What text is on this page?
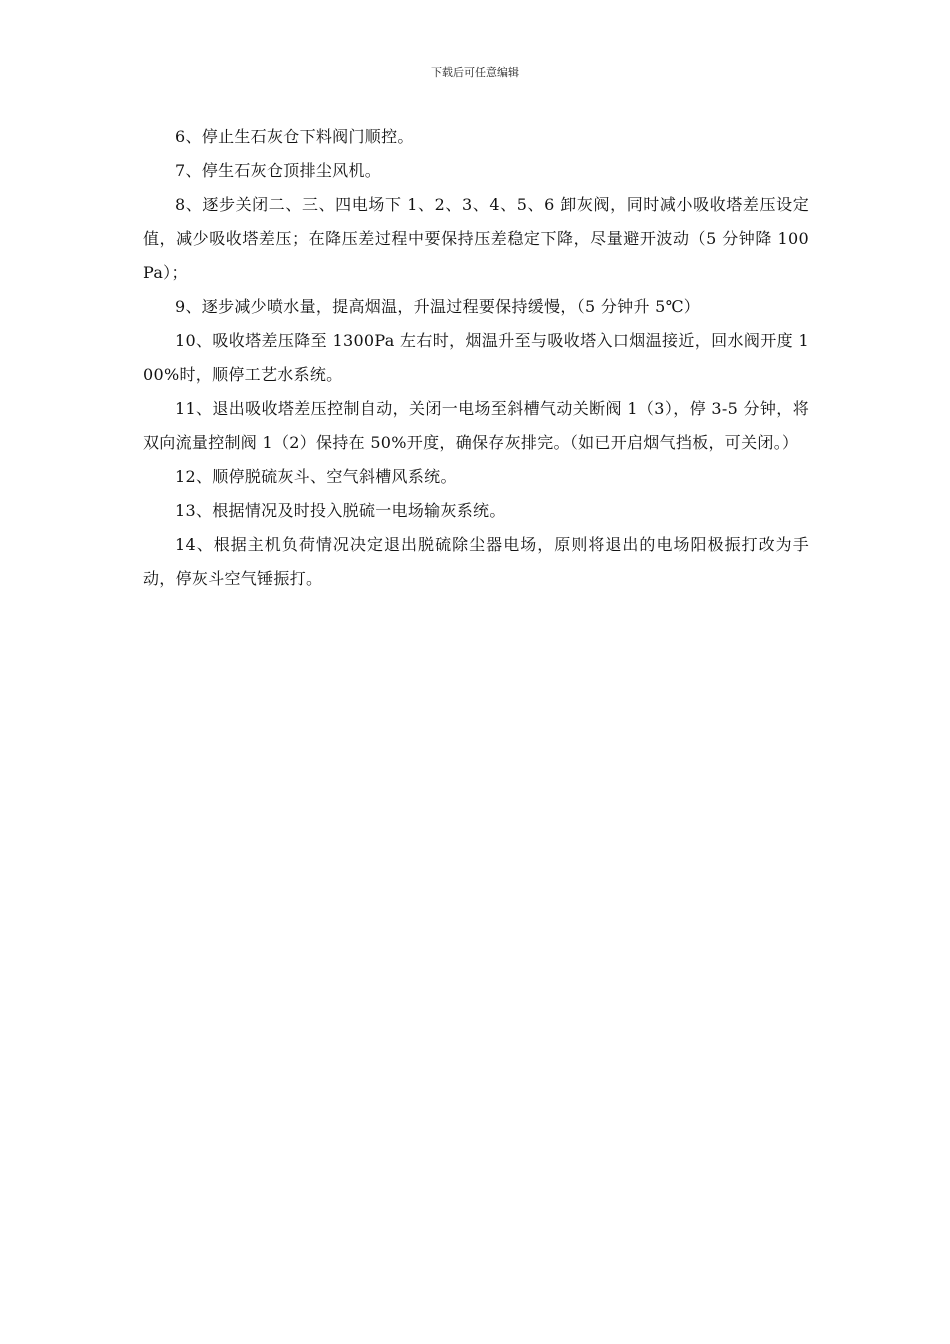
下载后可任意编辑

6、停止生石灰仓下料阀门顺控。

7、停生石灰仓顶排尘风机。

8、逐步关闭二、三、四电场下 1、2、3、4、5、6 卸灰阀，同时减小吸收塔差压设定值，减少吸收塔差压；在降压差过程中要保持压差稳定下降，尽量避开波动（5 分钟降 100Pa）；

9、逐步减少喷水量，提高烟温，升温过程要保持缓慢，（5 分钟升 5℃）

10、吸收塔差压降至 1300Pa 左右时，烟温升至与吸收塔入口烟温接近，回水阀开度 100%时，顺停工艺水系统。

11、退出吸收塔差压控制自动，关闭一电场至斜槽气动关断阀 1（3），停 3-5 分钟，将双向流量控制阀 1（2）保持在 50%开度，确保存灰排完。（如已开启烟气挡板，可关闭。）

12、顺停脱硫灰斗、空气斜槽风系统。

13、根据情况及时投入脱硫一电场输灰系统。

14、根据主机负荷情况决定退出脱硫除尘器电场，原则将退出的电场阳极振打改为手动，停灰斗空气锤振打。
